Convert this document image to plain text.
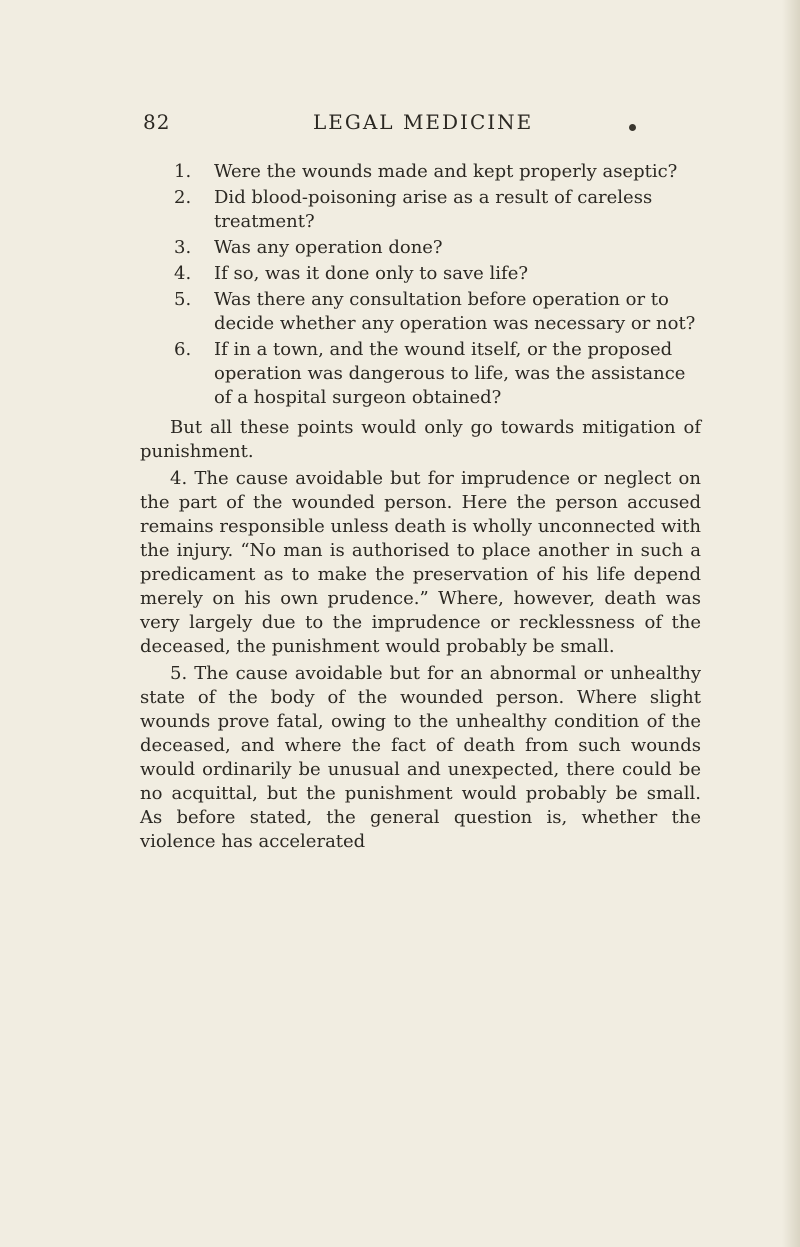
82	LEGAL MEDICINE
1. Were the wounds made and kept properly aseptic?
2. Did blood-poisoning arise as a result of careless treatment?
3. Was any operation done?
4. If so, was it done only to save life?
5. Was there any consultation before operation or to decide whether any operation was necessary or not?
6. If in a town, and the wound itself, or the proposed operation was dangerous to life, was the assistance of a hospital surgeon obtained?

But all these points would only go towards mitigation of punishment.

4. The cause avoidable but for imprudence or neglect on the part of the wounded person. Here the person accused remains responsible unless death is wholly unconnected with the injury. “No man is authorised to place another in such a predicament as to make the preservation of his life depend merely on his own prudence.” Where, however, death was very largely due to the imprudence or recklessness of the deceased, the punishment would probably be small.

5. The cause avoidable but for an abnormal or unhealthy state of the body of the wounded person. Where slight wounds prove fatal, owing to the unhealthy condition of the deceased, and where the fact of death from such wounds would ordinarily be unusual and unexpected, there could be no acquittal, but the punishment would probably be small. As before stated, the general question is, whether the violence has accelerated
